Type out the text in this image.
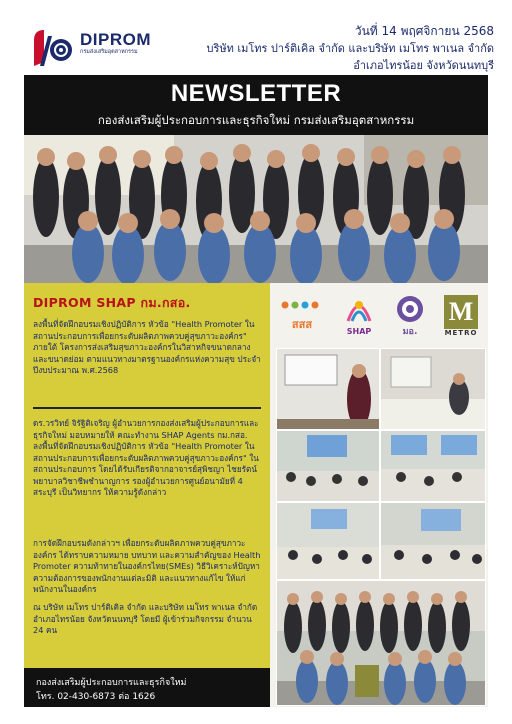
DIPROM
กรมส่งเสริมอุตสาหกรรม
วันที่ 14 พฤศจิกายน 2568
บริษัท เมโทร ปาร์ติเคิล จำกัด และบริษัท เมโทร พาเนล จำกัด
อำเภอไทรน้อย จังหวัดนนทบุรี
NEWSLETTER
กองส่งเสริมผู้ประกอบการและธุรกิจใหม่ กรมส่งเสริมอุตสาหกรรม
DIPROM SHAP กม.กสอ.
ลงพื้นที่จัดฝึกอบรมเชิงปฏิบัติการ หัวข้อ "Health Promoter ในสถานประกอบการเพื่อยกระดับผลิตภาพควบคู่สุขภาวะองค์กร" ภายใต้ โครงการส่งเสริมสุขภาวะองค์กรในวิสาหกิจขนาดกลางและขนาดย่อม ตามแนวทางมาตรฐานองค์กรแห่งความสุข ประจำปีงบประมาณ พ.ศ.2568
ดร.วรวิทย์ จิรัฐิติเจริญ ผู้อำนวยการกองส่งเสริมผู้ประกอบการและธุรกิจใหม่ มอบหมายให้ คณะทำงาน SHAP Agents กม.กสอ. ลงพื้นที่จัดฝึกอบรมเชิงปฏิบัติการ หัวข้อ "Health Promoter ในสถานประกอบการเพื่อยกระดับผลิตภาพควบคู่สุขภาวะองค์กร" ในสถานประกอบการ โดยได้รับเกียรติจากอาจารย์สุพิชญา ไชยรัตน์ พยาบาลวิชาชีพชำนาญการ รองผู้อำนวยการศูนย์อนามัยที่ 4 สระบุรี เป็นวิทยากร ให้ความรู้ดังกล่าว
การจัดฝึกอบรมดังกล่าวฯ เพื่อยกระดับผลิตภาพควบคู่สุขภาวะองค์กร ได้ทราบความหมาย บทบาท และความสำคัญของ Health Promoter ความท้าทายในองค์กรไทย(SMEs) วิธีวิเคราะห์ปัญหา ความต้องการของพนักงานแต่ละมิติ และแนวทางแก้ไข ให้แก่พนักงานในองค์กร
ณ บริษัท เมโทร ปาร์ติเคิล จำกัด และบริษัท เมโทร พาเนล จำกัด อำเภอไทรน้อย จังหวัดนนทบุรี โดยมี ผู้เข้าร่วมกิจกรรม จำนวน 24 คน
กองส่งเสริมผู้ประกอบการและธุรกิจใหม่
โทร. 02-430-6873 ต่อ 1626
สสส	SHAP	มอ.
M
METRO
